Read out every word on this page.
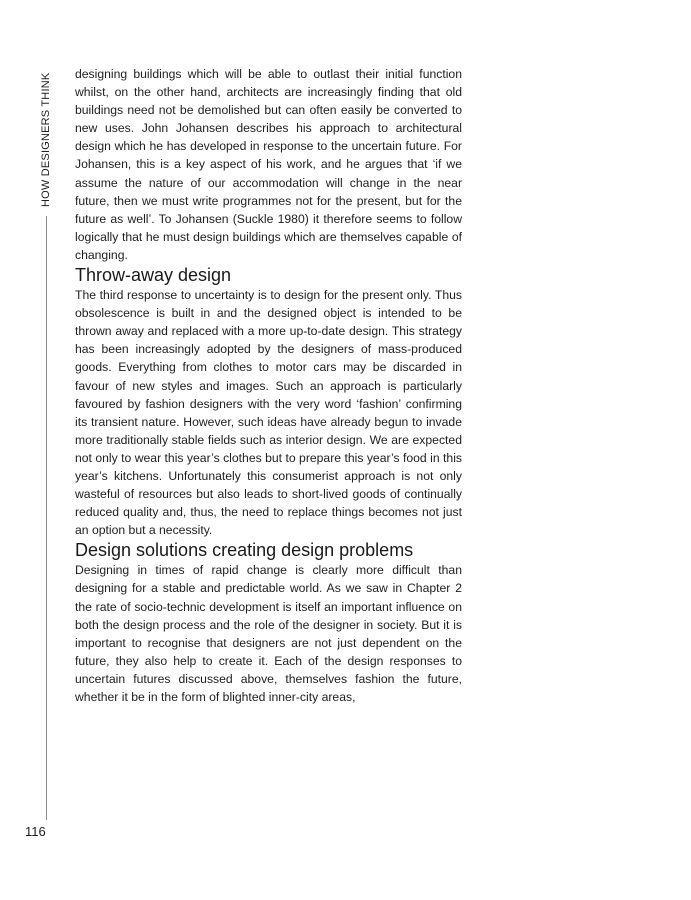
HOW DESIGNERS THINK
116

designing buildings which will be able to outlast their initial function whilst, on the other hand, architects are increasingly finding that old buildings need not be demolished but can often easily be converted to new uses. John Johansen describes his approach to architectural design which he has developed in response to the uncertain future. For Johansen, this is a key aspect of his work, and he argues that ‘if we assume the nature of our accommodation will change in the near future, then we must write programmes not for the present, but for the future as well’. To Johansen (Suckle 1980) it therefore seems to follow logically that he must design buildings which are themselves capable of changing.

Throw-away design

The third response to uncertainty is to design for the present only. Thus obsolescence is built in and the designed object is intended to be thrown away and replaced with a more up-to-date design. This strategy has been increasingly adopted by the designers of mass-produced goods. Everything from clothes to motor cars may be discarded in favour of new styles and images. Such an approach is particularly favoured by fashion designers with the very word ‘fashion’ confirming its transient nature. However, such ideas have already begun to invade more traditionally stable fields such as interior design. We are expected not only to wear this year’s clothes but to prepare this year’s food in this year’s kitchens. Unfortunately this consumerist approach is not only wasteful of resources but also leads to short-lived goods of continually reduced quality and, thus, the need to replace things becomes not just an option but a necessity.

Design solutions creating design problems

Designing in times of rapid change is clearly more difficult than designing for a stable and predictable world. As we saw in Chapter 2 the rate of socio-technic development is itself an important influence on both the design process and the role of the designer in society. But it is important to recognise that designers are not just dependent on the future, they also help to create it. Each of the design responses to uncertain futures discussed above, themselves fashion the future, whether it be in the form of blighted inner-city areas,
